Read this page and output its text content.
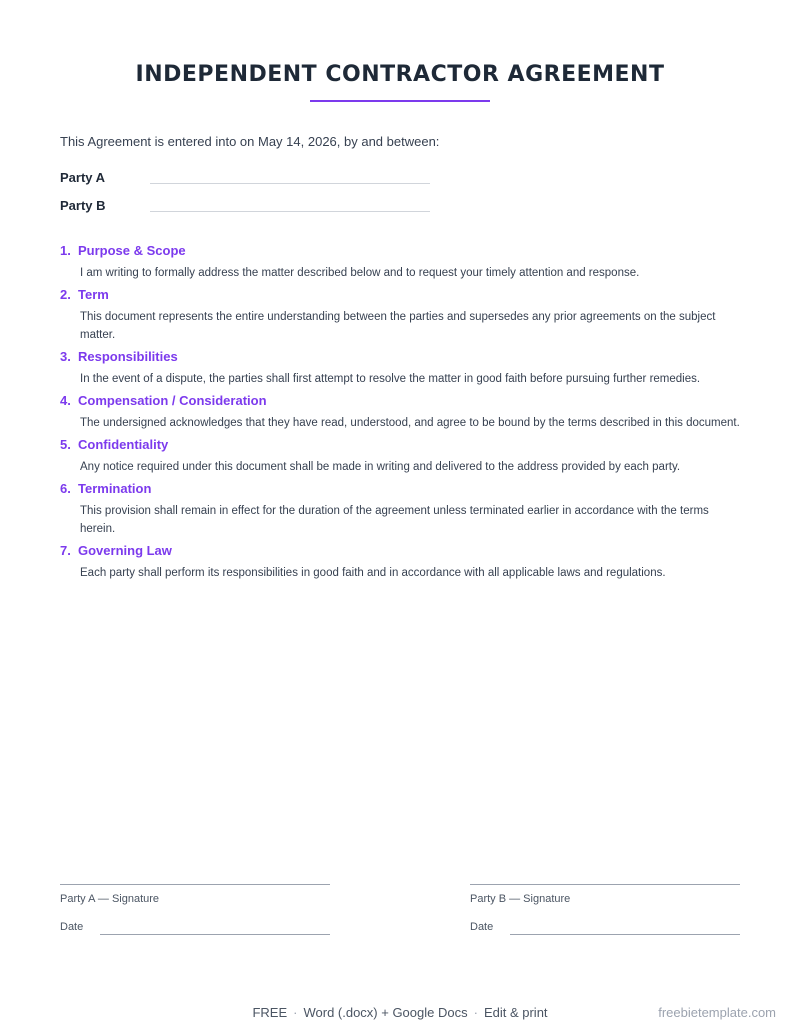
INDEPENDENT CONTRACTOR AGREEMENT

This Agreement is entered into on May 14, 2026, by and between:

Party A
Party B
1. Purpose & Scope

I am writing to formally address the matter described below and to request your timely attention and response.

2. Term

This document represents the entire understanding between the parties and supersedes any prior agreements on the subject matter.

3. Responsibilities

In the event of a dispute, the parties shall first attempt to resolve the matter in good faith before pursuing further remedies.

4. Compensation / Consideration

The undersigned acknowledges that they have read, understood, and agree to be bound by the terms described in this document.

5. Confidentiality

Any notice required under this document shall be made in writing and delivered to the address provided by each party.

6. Termination

This provision shall remain in effect for the duration of the agreement unless terminated earlier in accordance with the terms herein.

7. Governing Law

Each party shall perform its responsibilities in good faith and in accordance with all applicable laws and regulations.

Party A — Signature
Date
Party B — Signature
Date
FREE · Word (.docx) + Google Docs · Edit & print	freebietemplate.com
